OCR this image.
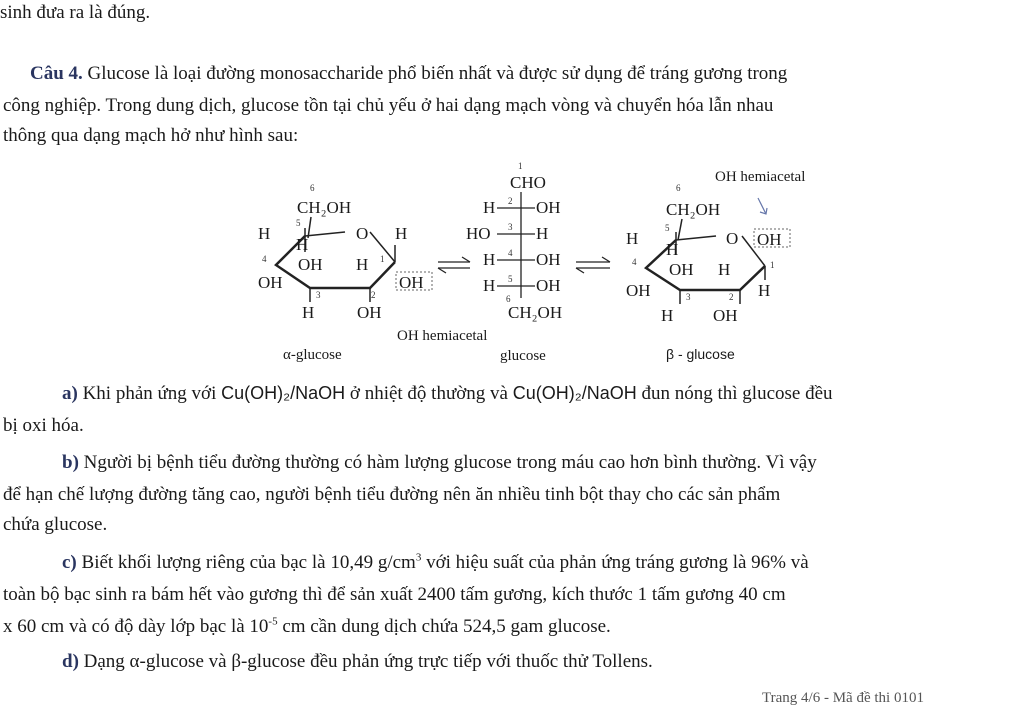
sinh đưa ra là đúng.
Câu 4. Glucose là loại đường monosaccharide phổ biến nhất và được sử dụng để tráng gương trong
công nghiệp. Trong dung dịch, glucose tồn tại chủ yếu ở hai dạng mạch vòng và chuyển hóa lẫn nhau
thông qua dạng mạch hở như hình sau:
6
CH₂OH
H
5
O H
H
4 OH H 1
OH
OH
3	2
H	OH
α-glucose
1
CHO
H 2 OH
HO 3 H
H 4 OH
H 5 OH
6
CH₂OH
OH hemiacetal
glucose
OH hemiacetal
6
CH₂OH
H
5
O OH
H
4 OH H	1
H
OH	3	2
H OH
β - glucose
a) Khi phản ứng với Cu(OH)₂/NaOH ở nhiệt độ thường và Cu(OH)₂/NaOH đun nóng thì glucose đều
bị oxi hóa.
b) Người bị bệnh tiểu đường thường có hàm lượng glucose trong máu cao hơn bình thường. Vì vậy
để hạn chế lượng đường tăng cao, người bệnh tiểu đường nên ăn nhiều tinh bột thay cho các sản phẩm
chứa glucose.
c) Biết khối lượng riêng của bạc là 10,49 $g/cm^3$ với hiệu suất của phản ứng tráng gương là 96% và
toàn bộ bạc sinh ra bám hết vào gương thì để sản xuất 2400 tấm gương, kích thước 1 tấm gương 40 cm
x 60 cm và có độ dày lớp bạc là $10^{-5}$ cm cần dung dịch chứa 524,5 gam glucose.
d) Dạng α-glucose và β-glucose đều phản ứng trực tiếp với thuốc thử Tollens.
Trang 4/6 - Mã đề thi 0101
